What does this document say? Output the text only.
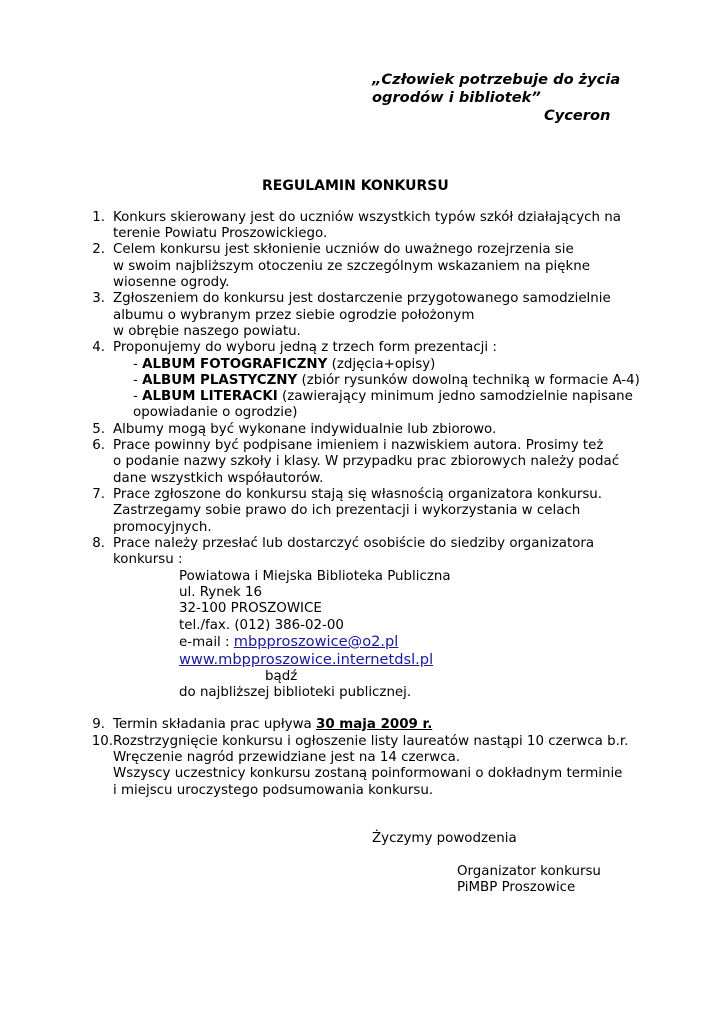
„Człowiek potrzebuje do życia
ogrodów i bibliotek”
Cyceron
REGULAMIN KONKURSU
1. Konkurs skierowany jest do uczniów wszystkich typów szkół działających na
terenie Powiatu Proszowickiego.
2. Celem konkursu jest skłonienie uczniów do uważnego rozejrzenia sie
w swoim najbliższym otoczeniu ze szczególnym wskazaniem na piękne
wiosenne ogrody.
3. Zgłoszeniem do konkursu jest dostarczenie przygotowanego samodzielnie
albumu o wybranym przez siebie ogrodzie położonym
w obrębie naszego powiatu.
4. Proponujemy do wyboru jedną z trzech form prezentacji :
- ALBUM FOTOGRAFICZNY (zdjęcia+opisy)
- ALBUM PLASTYCZNY (zbiór rysunków dowolną techniką w formacie A-4)
- ALBUM LITERACKI (zawierający minimum jedno samodzielnie napisane
opowiadanie o ogrodzie)
5. Albumy mogą być wykonane indywidualnie lub zbiorowo.
6. Prace powinny być podpisane imieniem i nazwiskiem autora. Prosimy też
o podanie nazwy szkoły i klasy. W przypadku prac zbiorowych należy podać
dane wszystkich współautorów.
7. Prace zgłoszone do konkursu stają się własnością organizatora konkursu.
Zastrzegamy sobie prawo do ich prezentacji i wykorzystania w celach
promocyjnych.
8. Prace należy przesłać lub dostarczyć osobiście do siedziby organizatora
konkursu :
Powiatowa i Miejska Biblioteka Publiczna
ul. Rynek 16
32-100 PROSZOWICE
tel./fax. (012) 386-02-00
e-mail : mbpproszowice@o2.pl
www.mbpproszowice.internetdsl.pl
bądź
do najbliższej biblioteki publicznej.
9. Termin składania prac upływa 30 maja 2009 r.
10. Rozstrzygnięcie konkursu i ogłoszenie listy laureatów nastąpi 10 czerwca b.r.
Wręczenie nagród przewidziane jest na 14 czerwca.
Wszyscy uczestnicy konkursu zostaną poinformowani o dokładnym terminie
i miejscu uroczystego podsumowania konkursu.
Życzymy powodzenia
Organizator konkursu
PiMBP Proszowice
